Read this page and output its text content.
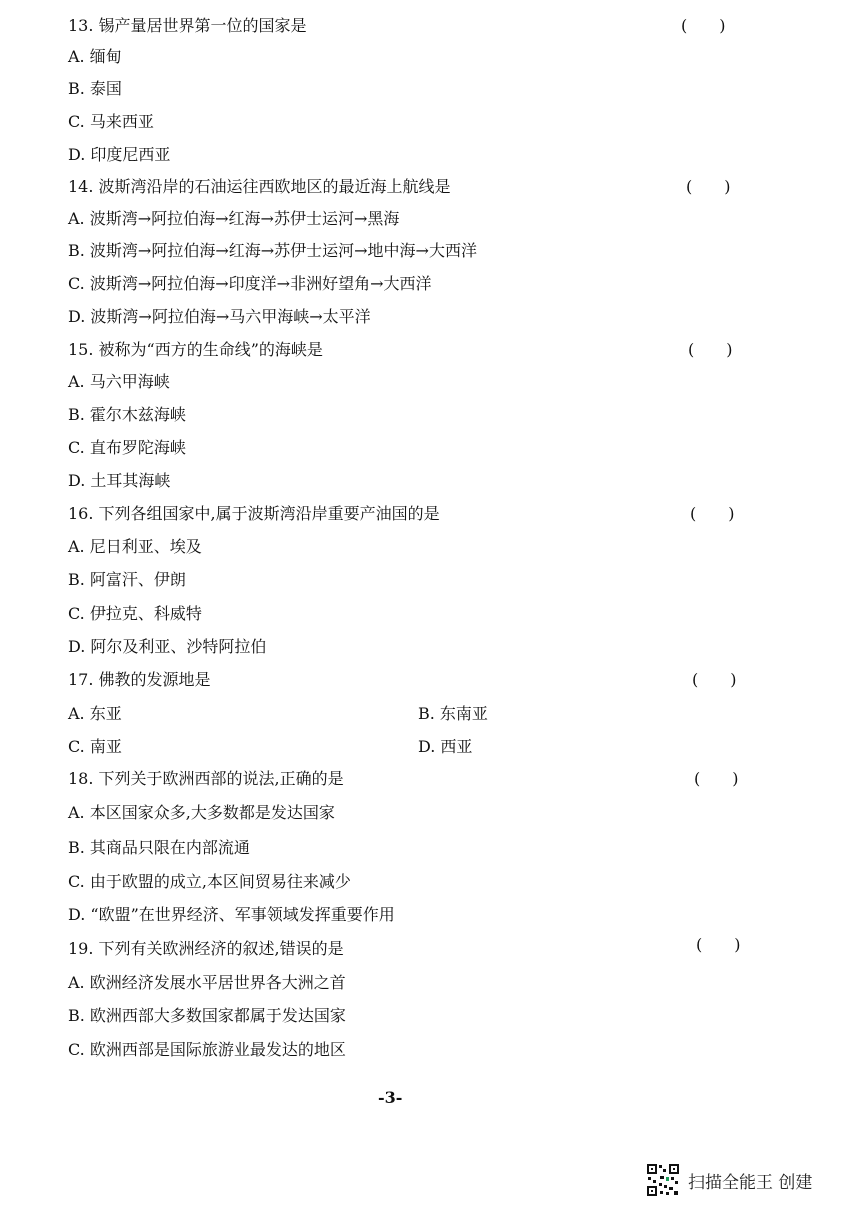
13. 锡产量居世界第一位的国家是	(　　)
A. 缅甸
B. 泰国
C. 马来西亚
D. 印度尼西亚
14. 波斯湾沿岸的石油运往西欧地区的最近海上航线是	(　　)
A. 波斯湾→阿拉伯海→红海→苏伊士运河→黑海
B. 波斯湾→阿拉伯海→红海→苏伊士运河→地中海→大西洋
C. 波斯湾→阿拉伯海→印度洋→非洲好望角→大西洋
D. 波斯湾→阿拉伯海→马六甲海峡→太平洋
15. 被称为“西方的生命线”的海峡是	(　　)
A. 马六甲海峡
B. 霍尔木兹海峡
C. 直布罗陀海峡
D. 土耳其海峡
16. 下列各组国家中,属于波斯湾沿岸重要产油国的是	(　　)
A. 尼日利亚、埃及
B. 阿富汗、伊朗
C. 伊拉克、科威特
D. 阿尔及利亚、沙特阿拉伯
17. 佛教的发源地是	(　　)
A. 东亚	B. 东南亚
C. 南亚	D. 西亚
18. 下列关于欧洲西部的说法,正确的是	(　　)
A. 本区国家众多,大多数都是发达国家
B. 其商品只限在内部流通
C. 由于欧盟的成立,本区间贸易往来减少
D. “欧盟”在世界经济、军事领域发挥重要作用
19. 下列有关欧洲经济的叙述,错误的是	(　　)
A. 欧洲经济发展水平居世界各大洲之首
B. 欧洲西部大多数国家都属于发达国家
C. 欧洲西部是国际旅游业最发达的地区
-3-
扫描全能王 创建
